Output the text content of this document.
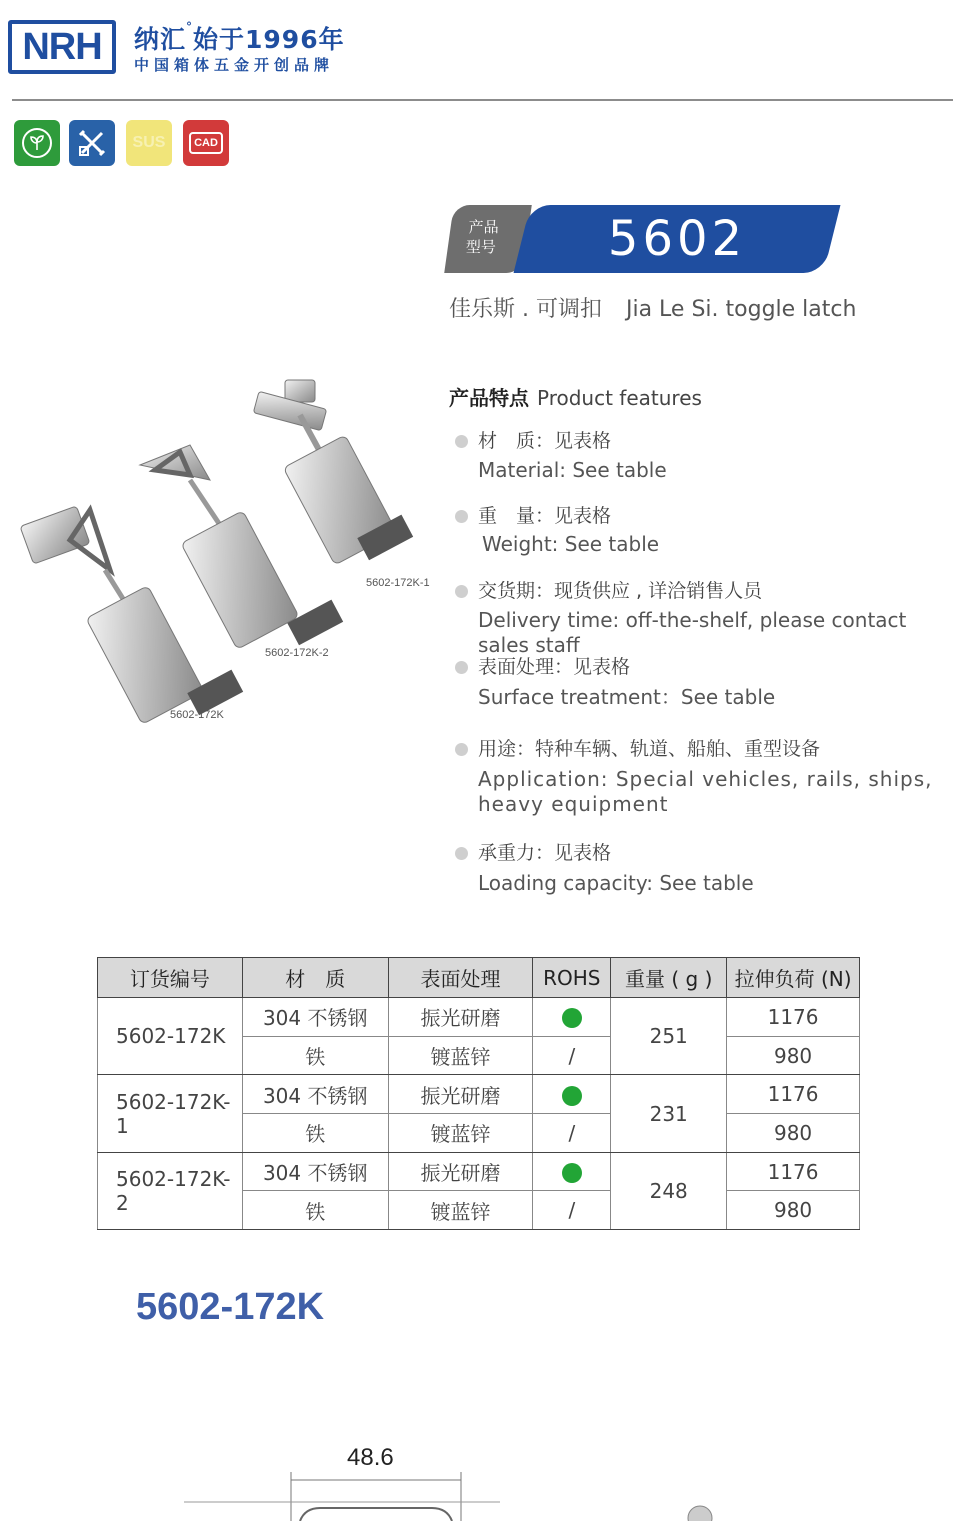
NRH	纳汇°始于1996年
中国箱体五金开创品牌
SUS	CAD
产品
型号	5602
佳乐斯 . 可调扣 Jia Le Si. toggle latch
5602-172K-1
5602-172K-2
5602-172K
产品特点 Product features
材　质：见表格
Material: See table
重　量：见表格
Weight: See table
交货期：现货供应 , 详洽销售人员
Delivery time: off-the-shelf, please contact sales staff
表面处理：见表格
Surface treatment：See table
用途：特种车辆、轨道、船舶、重型设备
Application: Special vehicles, rails, ships, heavy equipment
承重力：见表格
Loading capacity: See table
订货编号	材　质	表面处理	ROHS	重量 ( g )	拉伸负荷 (N)
5602-172K	304 不锈钢	振光研磨		251	1176
	铁	镀蓝锌	/		980
5602-172K-1	304 不锈钢	振光研磨		231	1176
	铁	镀蓝锌	/		980
5602-172K-2	304 不锈钢	振光研磨		248	1176
	铁	镀蓝锌	/		980
5602-172K
48.6
